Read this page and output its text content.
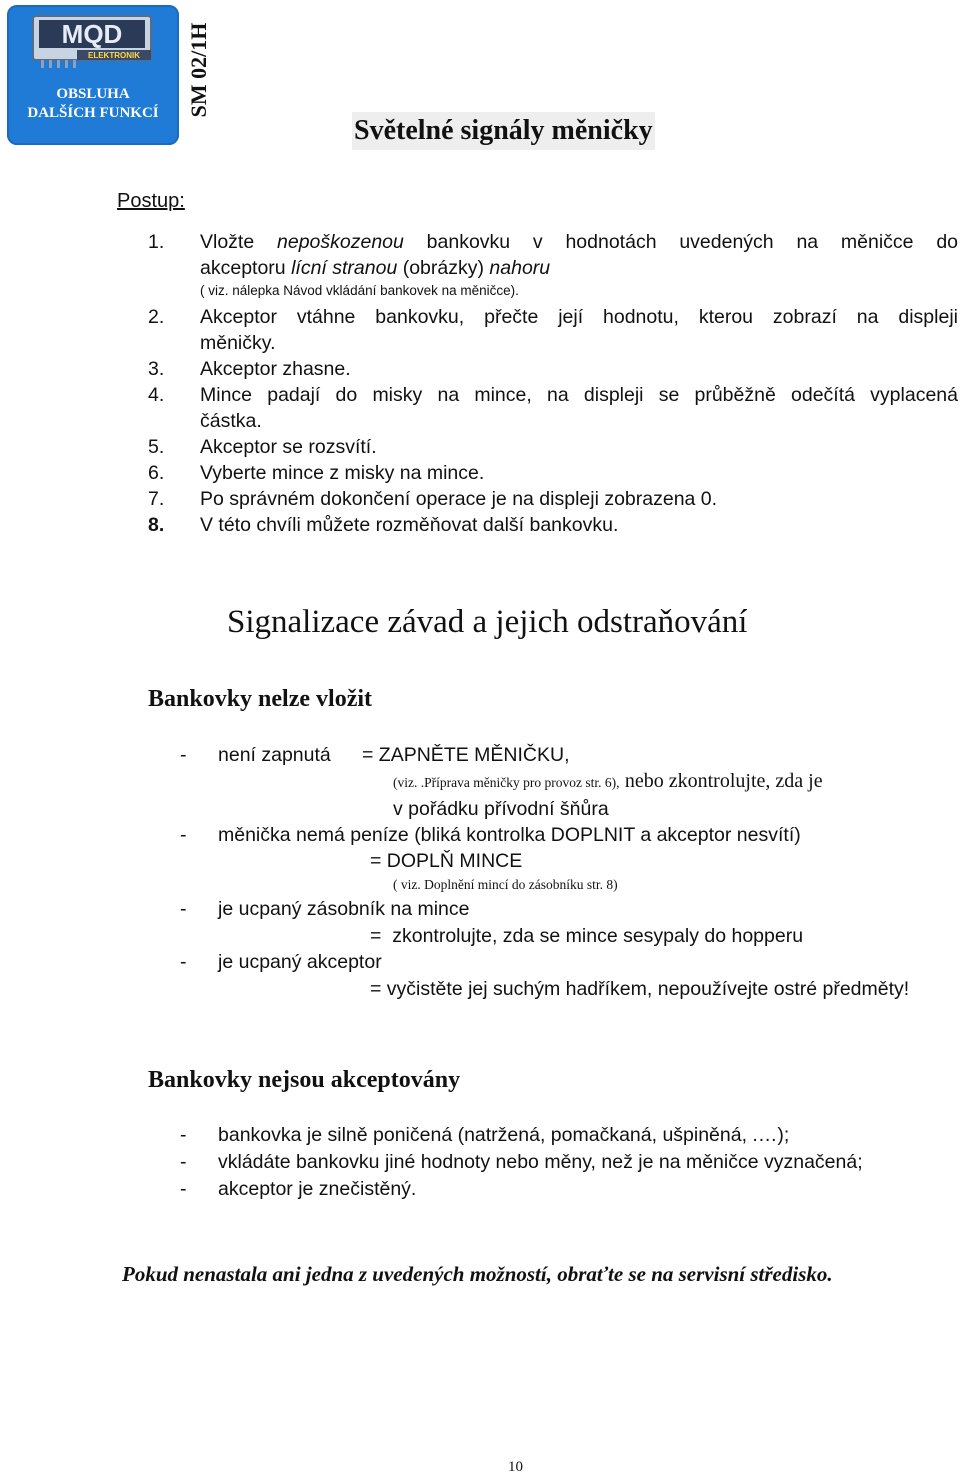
MQD
ELEKTRONIK
OBSLUHA
DALŠÍCH FUNKCÍ	SM 02/1H
Světelné signály měničky
Postup:
1. Vložte nepoškozenou bankovku v hodnotách uvedených na měničce do
akceptoru lícní stranou (obrázky) nahoru
( viz. nálepka Návod vkládání bankovek na měničce).
2. Akceptor vtáhne bankovku, přečte její hodnotu, kterou zobrazí na displeji
měničky.
3. Akceptor zhasne.
4. Mince padají do misky na mince, na displeji se průběžně odečítá vyplacená
částka.
5. Akceptor se rozsvítí.
6. Vyberte mince z misky na mince.
7. Po správném dokončení operace je na displeji zobrazena 0.
8. V této chvíli můžete rozměňovat další bankovku.
Signalizace závad a jejich odstraňování
Bankovky nelze vložit
- není zapnutá = ZAPNĚTE MĚNIČKU,
(viz. .Příprava měničky pro provoz str. 6), nebo zkontrolujte, zda je
v pořádku přívodní šňůra
- měnička nemá peníze (bliká kontrolka DOPLNIT a akceptor nesvítí)
= DOPLŇ MINCE
( viz. Doplnění mincí do zásobníku str. 8)
- je ucpaný zásobník na mince
=  zkontrolujte, zda se mince sesypaly do hopperu
- je ucpaný akceptor
= vyčistěte jej suchým hadříkem, nepoužívejte ostré předměty!
Bankovky nejsou akceptovány
- bankovka je silně poničená (natržená, pomačkaná, ušpiněná, .…);
- vkládáte bankovku jiné hodnoty nebo měny, než je na měničce vyznačená;
- akceptor je znečistěný.
Pokud nenastala ani jedna z uvedených možností, obraťte se na servisní středisko.
10
